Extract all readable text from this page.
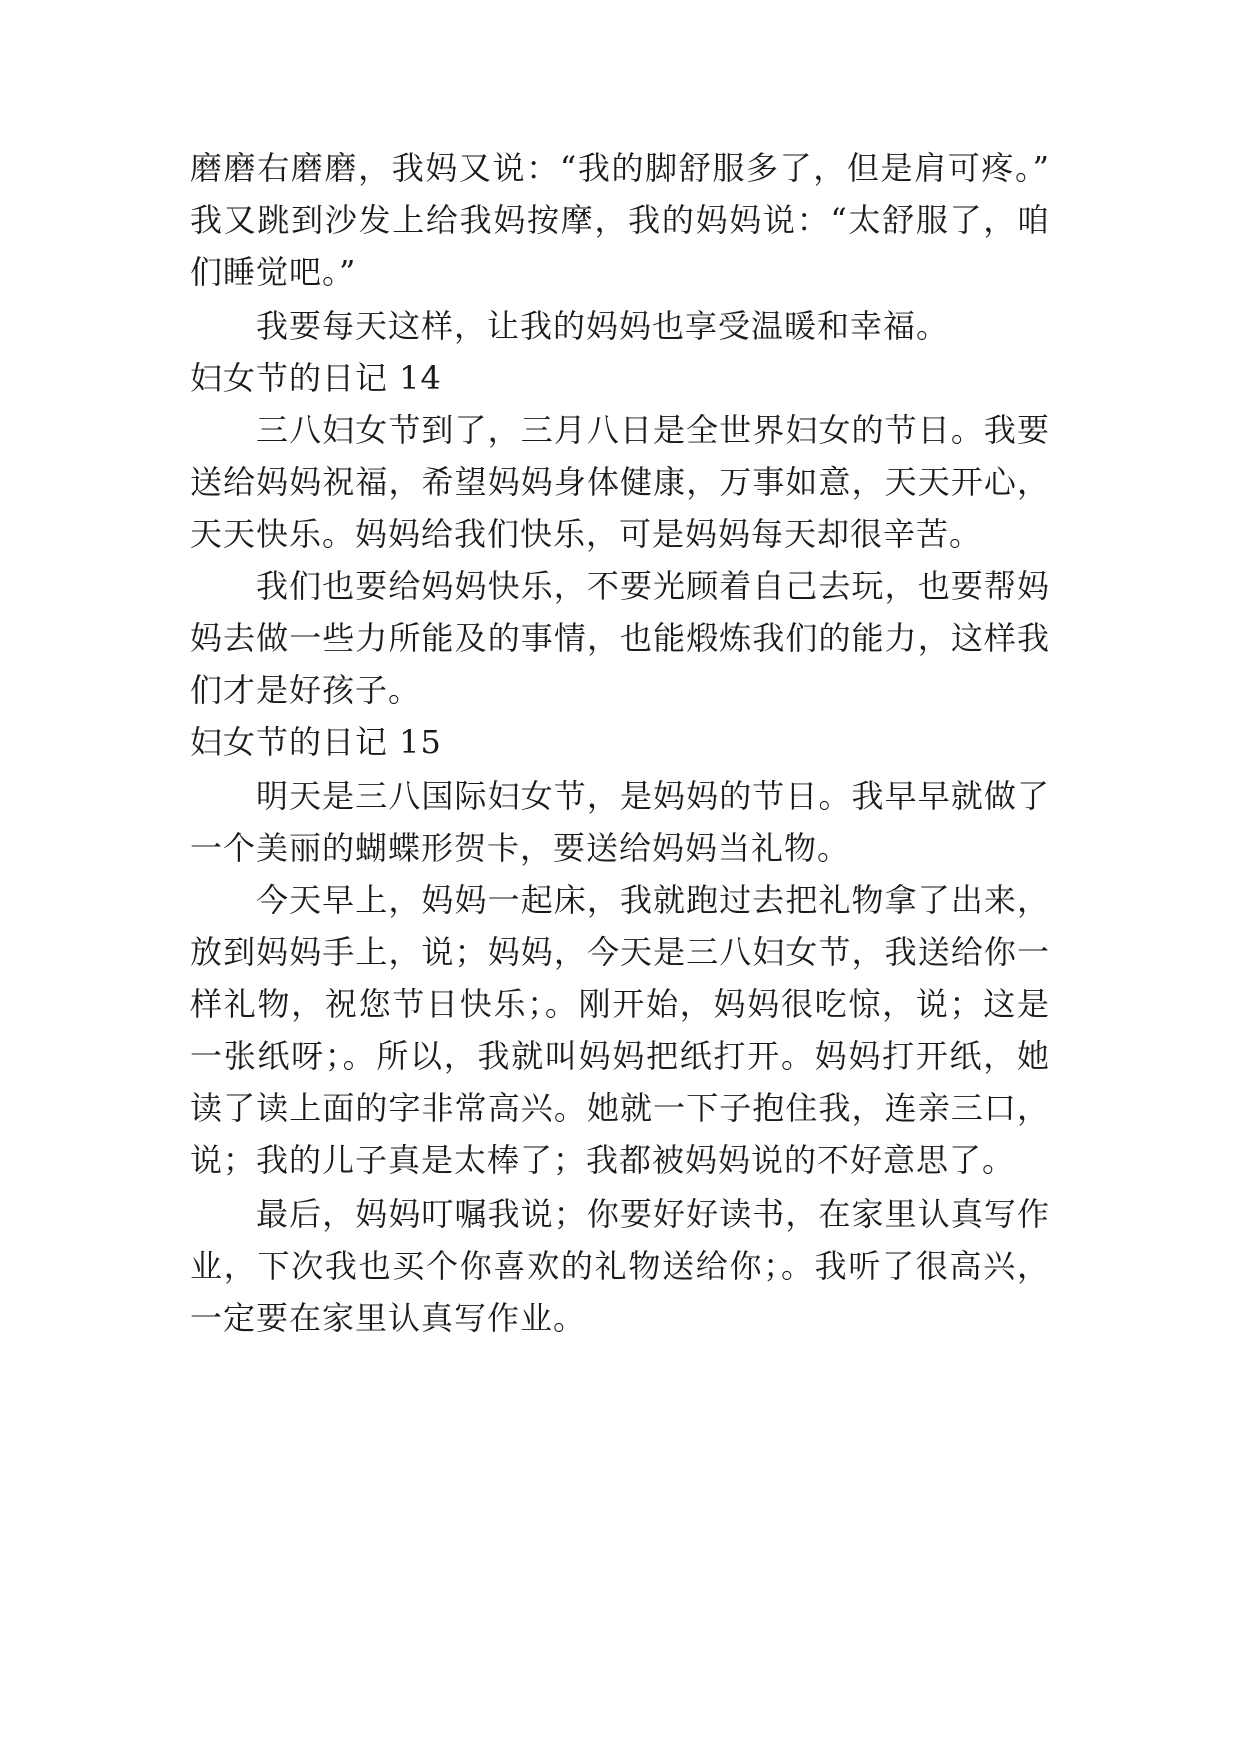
磨磨右磨磨，我妈又说：“我的脚舒服多了，但是肩可疼。”
我又跳到沙发上给我妈按摩，我的妈妈说：“太舒服了，咱
们睡觉吧。”
我要每天这样，让我的妈妈也享受温暖和幸福。
妇女节的日记 14
三八妇女节到了，三月八日是全世界妇女的节日。我要
送给妈妈祝福，希望妈妈身体健康，万事如意，天天开心，
天天快乐。妈妈给我们快乐，可是妈妈每天却很辛苦。
我们也要给妈妈快乐，不要光顾着自己去玩，也要帮妈
妈去做一些力所能及的事情，也能煅炼我们的能力，这样我
们才是好孩子。
妇女节的日记 15
明天是三八国际妇女节，是妈妈的节日。我早早就做了
一个美丽的蝴蝶形贺卡，要送给妈妈当礼物。
今天早上，妈妈一起床，我就跑过去把礼物拿了出来，
放到妈妈手上，说；妈妈，今天是三八妇女节，我送给你一
样礼物，祝您节日快乐；。刚开始，妈妈很吃惊，说；这是
一张纸呀；。所以，我就叫妈妈把纸打开。妈妈打开纸，她
读了读上面的字非常高兴。她就一下子抱住我，连亲三口，
说；我的儿子真是太棒了；我都被妈妈说的不好意思了。
最后，妈妈叮嘱我说；你要好好读书，在家里认真写作
业，下次我也买个你喜欢的礼物送给你；。我听了很高兴，
一定要在家里认真写作业。
